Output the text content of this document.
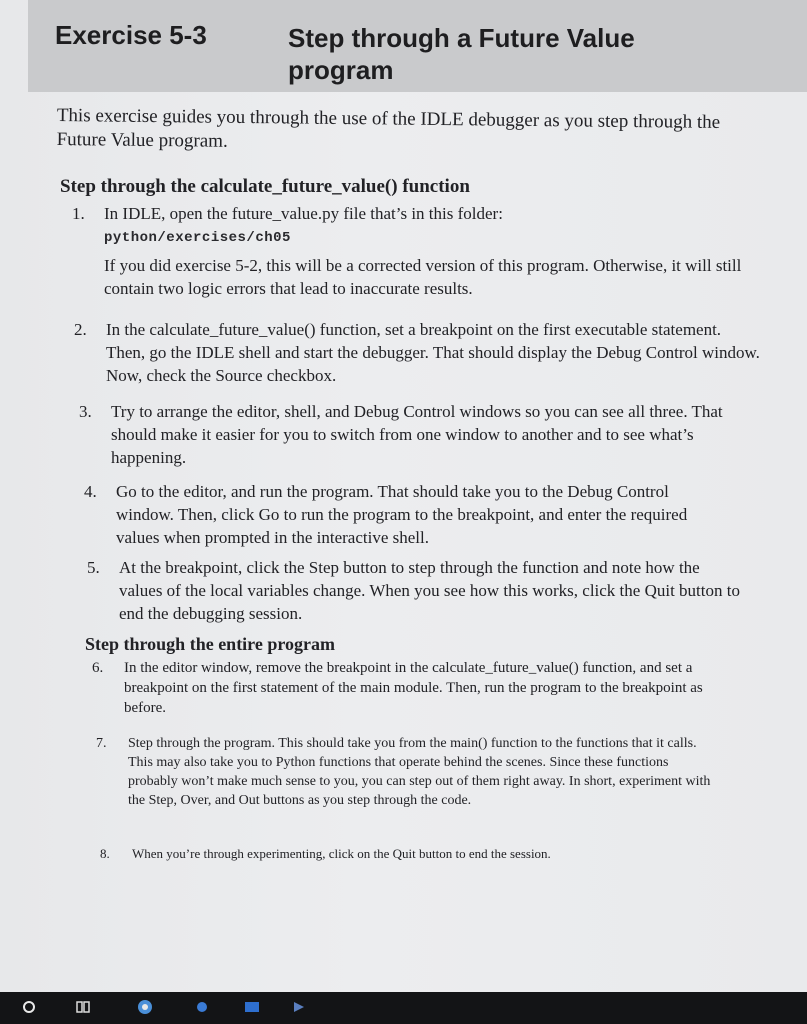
Exercise 5-3	Step through a Future Value program
This exercise guides you through the use of the IDLE debugger as you step through the Future Value program.
Step through the calculate_future_value() function
1. In IDLE, open the future_value.py file that’s in this folder:

python/exercises/ch05

If you did exercise 5-2, this will be a corrected version of this program. Otherwise, it will still contain two logic errors that lead to inaccurate results.

2. In the calculate_future_value() function, set a breakpoint on the first executable statement. Then, go the IDLE shell and start the debugger. That should display the Debug Control window. Now, check the Source checkbox.

3. Try to arrange the editor, shell, and Debug Control windows so you can see all three. That should make it easier for you to switch from one window to another and to see what’s happening.

4. Go to the editor, and run the program. That should take you to the Debug Control window. Then, click Go to run the program to the breakpoint, and enter the required values when prompted in the interactive shell.

5. At the breakpoint, click the Step button to step through the function and note how the values of the local variables change. When you see how this works, click the Quit button to end the debugging session.

Step through the entire program
6. In the editor window, remove the breakpoint in the calculate_future_value() function, and set a breakpoint on the first statement of the main module. Then, run the program to the breakpoint as before.

7. Step through the program. This should take you from the main() function to the functions that it calls. This may also take you to Python functions that operate behind the scenes. Since these functions probably won’t make much sense to you, you can step out of them right away. In short, experiment with the Step, Over, and Out buttons as you step through the code.

8. When you’re through experimenting, click on the Quit button to end the session.
